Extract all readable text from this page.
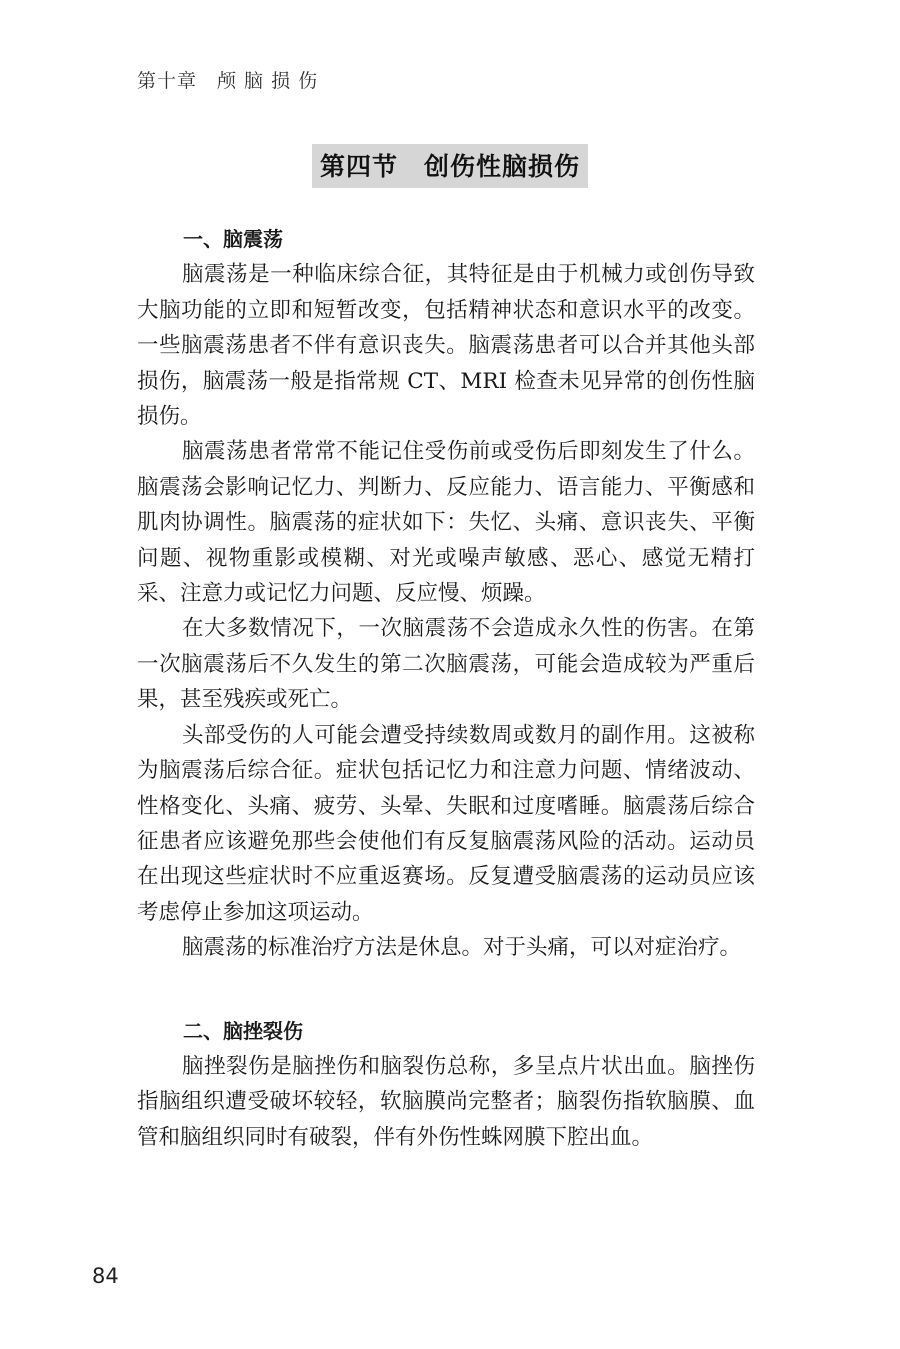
第十章　颅 脑 损 伤
第四节　创伤性脑损伤

一、脑震荡

脑震荡是一种临床综合征，其特征是由于机械力或创伤导致大脑功能的立即和短暂改变，包括精神状态和意识水平的改变。一些脑震荡患者不伴有意识丧失。脑震荡患者可以合并其他头部损伤，脑震荡一般是指常规 CT、MRI 检查未见异常的创伤性脑损伤。

脑震荡患者常常不能记住受伤前或受伤后即刻发生了什么。脑震荡会影响记忆力、判断力、反应能力、语言能力、平衡感和肌肉协调性。脑震荡的症状如下：失忆、头痛、意识丧失、平衡问题、视物重影或模糊、对光或噪声敏感、恶心、感觉无精打采、注意力或记忆力问题、反应慢、烦躁。

在大多数情况下，一次脑震荡不会造成永久性的伤害。在第一次脑震荡后不久发生的第二次脑震荡，可能会造成较为严重后果，甚至残疾或死亡。

头部受伤的人可能会遭受持续数周或数月的副作用。这被称为脑震荡后综合征。症状包括记忆力和注意力问题、情绪波动、性格变化、头痛、疲劳、头晕、失眠和过度嗜睡。脑震荡后综合征患者应该避免那些会使他们有反复脑震荡风险的活动。运动员在出现这些症状时不应重返赛场。反复遭受脑震荡的运动员应该考虑停止参加这项运动。

脑震荡的标准治疗方法是休息。对于头痛，可以对症治疗。

二、脑挫裂伤

脑挫裂伤是脑挫伤和脑裂伤总称，多呈点片状出血。脑挫伤指脑组织遭受破坏较轻，软脑膜尚完整者；脑裂伤指软脑膜、血管和脑组织同时有破裂，伴有外伤性蛛网膜下腔出血。

84
